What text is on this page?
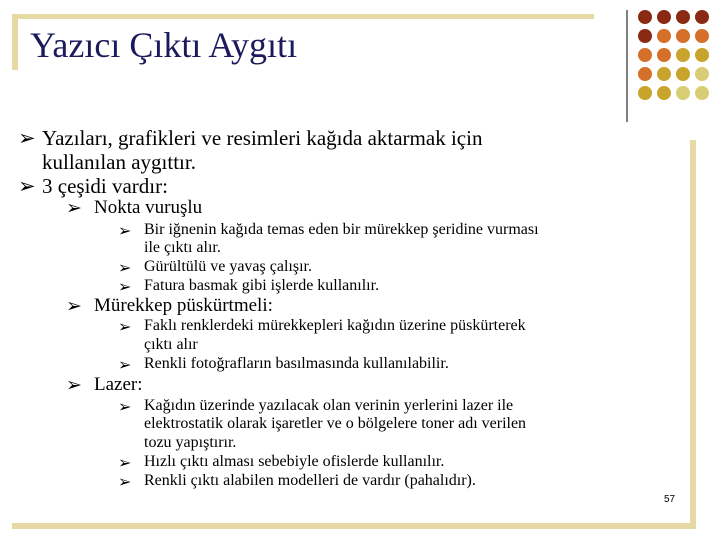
Yazıcı Çıktı Aygıtı
➢ Yazıları, grafikleri ve resimleri kağıda aktarmak için
kullanılan aygıttır.
➢ 3 çeşidi vardır:
➢ Nokta vuruşlu
➢ Bir iğnenin kağıda temas eden bir mürekkep şeridine vurması
ile çıktı alır.
➢ Gürültülü ve yavaş çalışır.
➢ Fatura basmak gibi işlerde kullanılır.
➢ Mürekkep püskürtmeli:
➢ Faklı renklerdeki mürekkepleri kağıdın üzerine püskürterek
çıktı alır
➢ Renkli fotoğrafların basılmasında kullanılabilir.
➢ Lazer:
➢ Kağıdın üzerinde yazılacak olan verinin yerlerini lazer ile
elektrostatik olarak işaretler ve o bölgelere toner adı verilen
tozu yapıştırır.
➢ Hızlı çıktı alması sebebiyle ofislerde kullanılır.
➢ Renkli çıktı alabilen modelleri de vardır (pahalıdır).
57
